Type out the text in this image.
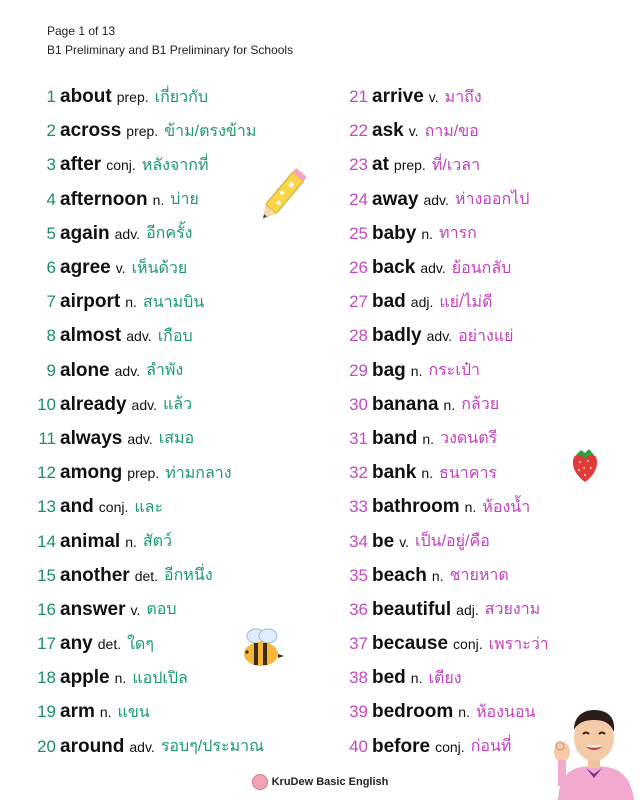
Page 1 of 13
B1 Preliminary and B1 Preliminary for Schools
1 about prep. เกี่ยวกับ
2 across prep. ข้าม/ตรงข้าม
3 after conj. หลังจากที่
4 afternoon n. บ่าย
5 again adv. อีกครั้ง
6 agree v. เห็นด้วย
7 airport n. สนามบิน
8 almost adv. เกือบ
9 alone adv. ลำพัง
10 already adv. แล้ว
11 always adv. เสมอ
12 among prep. ท่ามกลาง
13 and conj. และ
14 animal n. สัตว์
15 another det. อีกหนึ่ง
16 answer v. ตอบ
17 any det. ใดๆ
18 apple n. แอปเปิล
19 arm n. แขน
20 around adv. รอบๆ/ประมาณ
21 arrive v. มาถึง
22 ask v. ถาม/ขอ
23 at prep. ที่/เวลา
24 away adv. ห่างออกไป
25 baby n. ทารก
26 back adv. ย้อนกลับ
27 bad adj. แย่/ไม่ดี
28 badly adv. อย่างแย่
29 bag n. กระเป๋า
30 banana n. กล้วย
31 band n. วงดนตรี
32 bank n. ธนาคาร
33 bathroom n. ห้องน้ำ
34 be v. เป็น/อยู่/คือ
35 beach n. ชายหาด
36 beautiful adj. สวยงาม
37 because conj. เพราะว่า
38 bed n. เตียง
39 bedroom n. ห้องนอน
40 before conj. ก่อนที่
KruDew Basic English
